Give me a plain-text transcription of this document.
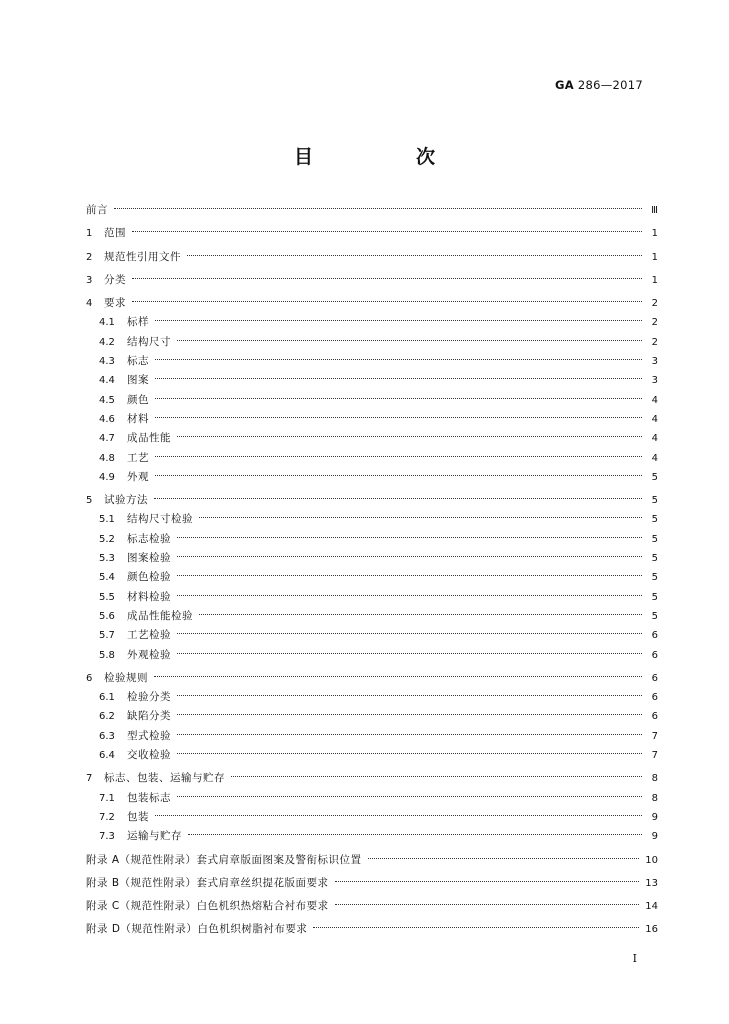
GA 286—2017
目　次
前言	Ⅲ
1	范围	1
2	规范性引用文件	1
3	分类	1
4	要求	2
4.1	标样	2
4.2	结构尺寸	2
4.3	标志	3
4.4	图案	3
4.5	颜色	4
4.6	材料	4
4.7	成品性能	4
4.8	工艺	4
4.9	外观	5
5	试验方法	5
5.1	结构尺寸检验	5
5.2	标志检验	5
5.3	图案检验	5
5.4	颜色检验	5
5.5	材料检验	5
5.6	成品性能检验	5
5.7	工艺检验	6
5.8	外观检验	6
6	检验规则	6
6.1	检验分类	6
6.2	缺陷分类	6
6.3	型式检验	7
6.4	交收检验	7
7	标志、包装、运输与贮存	8
7.1	包装标志	8
7.2	包装	9
7.3	运输与贮存	9
附录 A（规范性附录）套式肩章版面图案及警衔标识位置	10
附录 B（规范性附录）套式肩章丝织提花版面要求	13
附录 C（规范性附录）白色机织热熔粘合衬布要求	14
附录 D（规范性附录）白色机织树脂衬布要求	16
I
